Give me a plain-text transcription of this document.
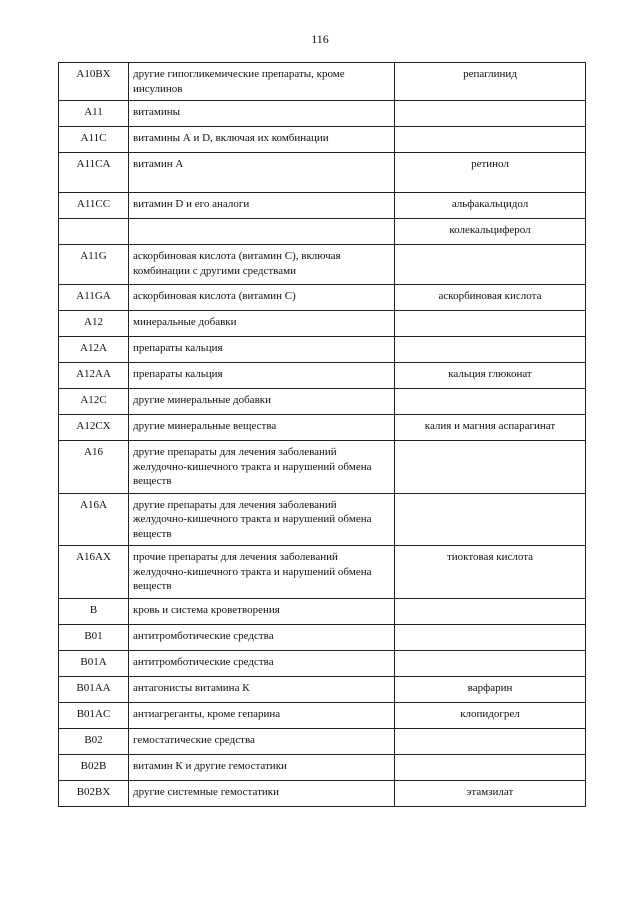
116
A10BX	другие гипогликемические препараты, кроме инсулинов	репаглинид
A11	витамины	
A11C	витамины А и D, включая их комбинации	
A11CA	витамин А	ретинол
A11CC	витамин D и его аналоги	альфакальцидол
		колекальциферол
A11G	аскорбиновая кислота (витамин С), включая комбинации с другими средствами	
A11GA	аскорбиновая кислота (витамин С)	аскорбиновая кислота
A12	минеральные добавки	
A12A	препараты кальция	
A12AA	препараты кальция	кальция глюконат
A12C	другие минеральные добавки	
A12CX	другие минеральные вещества	калия и магния аспарагинат
A16	другие препараты для лечения заболеваний желудочно-кишечного тракта и нарушений обмена веществ	
A16A	другие препараты для лечения заболеваний желудочно-кишечного тракта и нарушений обмена веществ	
A16AX	прочие препараты для лечения заболеваний желудочно-кишечного тракта и нарушений обмена веществ	тиоктовая кислота
B	кровь и система кроветворения	
B01	антитромботические средства	
B01A	антитромботические средства	
B01AA	антагонисты витамина К	варфарин
B01AC	антиагреганты, кроме гепарина	клопидогрел
B02	гемостатические средства	
B02B	витамин К и другие гемостатики	
B02BX	другие системные гемостатики	этамзилат
